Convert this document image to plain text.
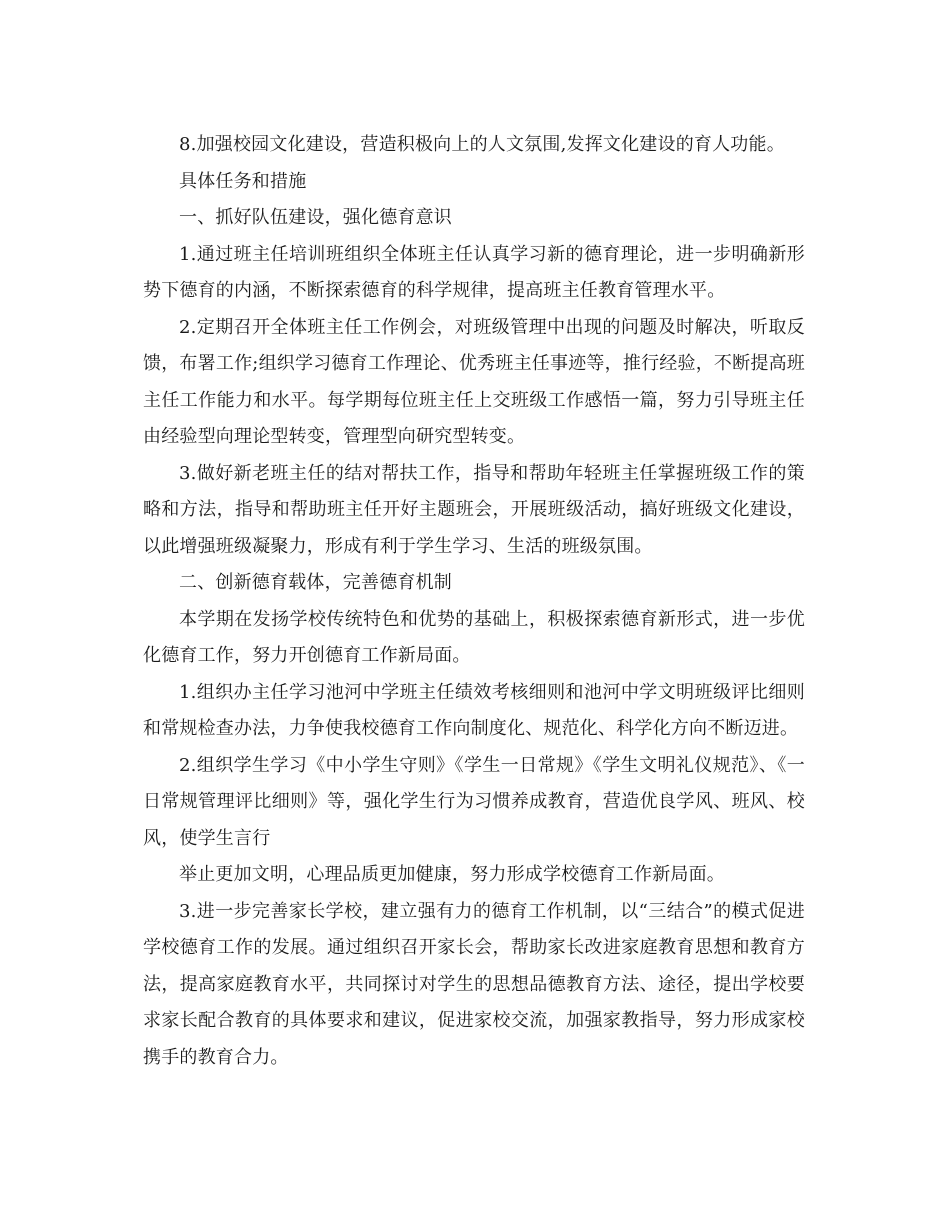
8.加强校园文化建设，营造积极向上的人文氛围,发挥文化建设的育人功能。

具体任务和措施

一、抓好队伍建设，强化德育意识

1.通过班主任培训班组织全体班主任认真学习新的德育理论，进一步明确新形势下德育的内涵，不断探索德育的科学规律，提高班主任教育管理水平。

2.定期召开全体班主任工作例会，对班级管理中出现的问题及时解决，听取反馈，布署工作;组织学习德育工作理论、优秀班主任事迹等，推行经验，不断提高班主任工作能力和水平。每学期每位班主任上交班级工作感悟一篇，努力引导班主任由经验型向理论型转变，管理型向研究型转变。

3.做好新老班主任的结对帮扶工作，指导和帮助年轻班主任掌握班级工作的策略和方法，指导和帮助班主任开好主题班会，开展班级活动，搞好班级文化建设，以此增强班级凝聚力，形成有利于学生学习、生活的班级氛围。

二、创新德育载体，完善德育机制

本学期在发扬学校传统特色和优势的基础上，积极探索德育新形式，进一步优化德育工作，努力开创德育工作新局面。

1.组织办主任学习池河中学班主任绩效考核细则和池河中学文明班级评比细则和常规检查办法，力争使我校德育工作向制度化、规范化、科学化方向不断迈进。

2.组织学生学习《中小学生守则》《学生一日常规》《学生文明礼仪规范》、《一日常规管理评比细则》等，强化学生行为习惯养成教育，营造优良学风、班风、校风，使学生言行

举止更加文明，心理品质更加健康，努力形成学校德育工作新局面。

3.进一步完善家长学校，建立强有力的德育工作机制，以“三结合”的模式促进学校德育工作的发展。通过组织召开家长会，帮助家长改进家庭教育思想和教育方法，提高家庭教育水平，共同探讨对学生的思想品德教育方法、途径，提出学校要求家长配合教育的具体要求和建议，促进家校交流，加强家教指导，努力形成家校携手的教育合力。
